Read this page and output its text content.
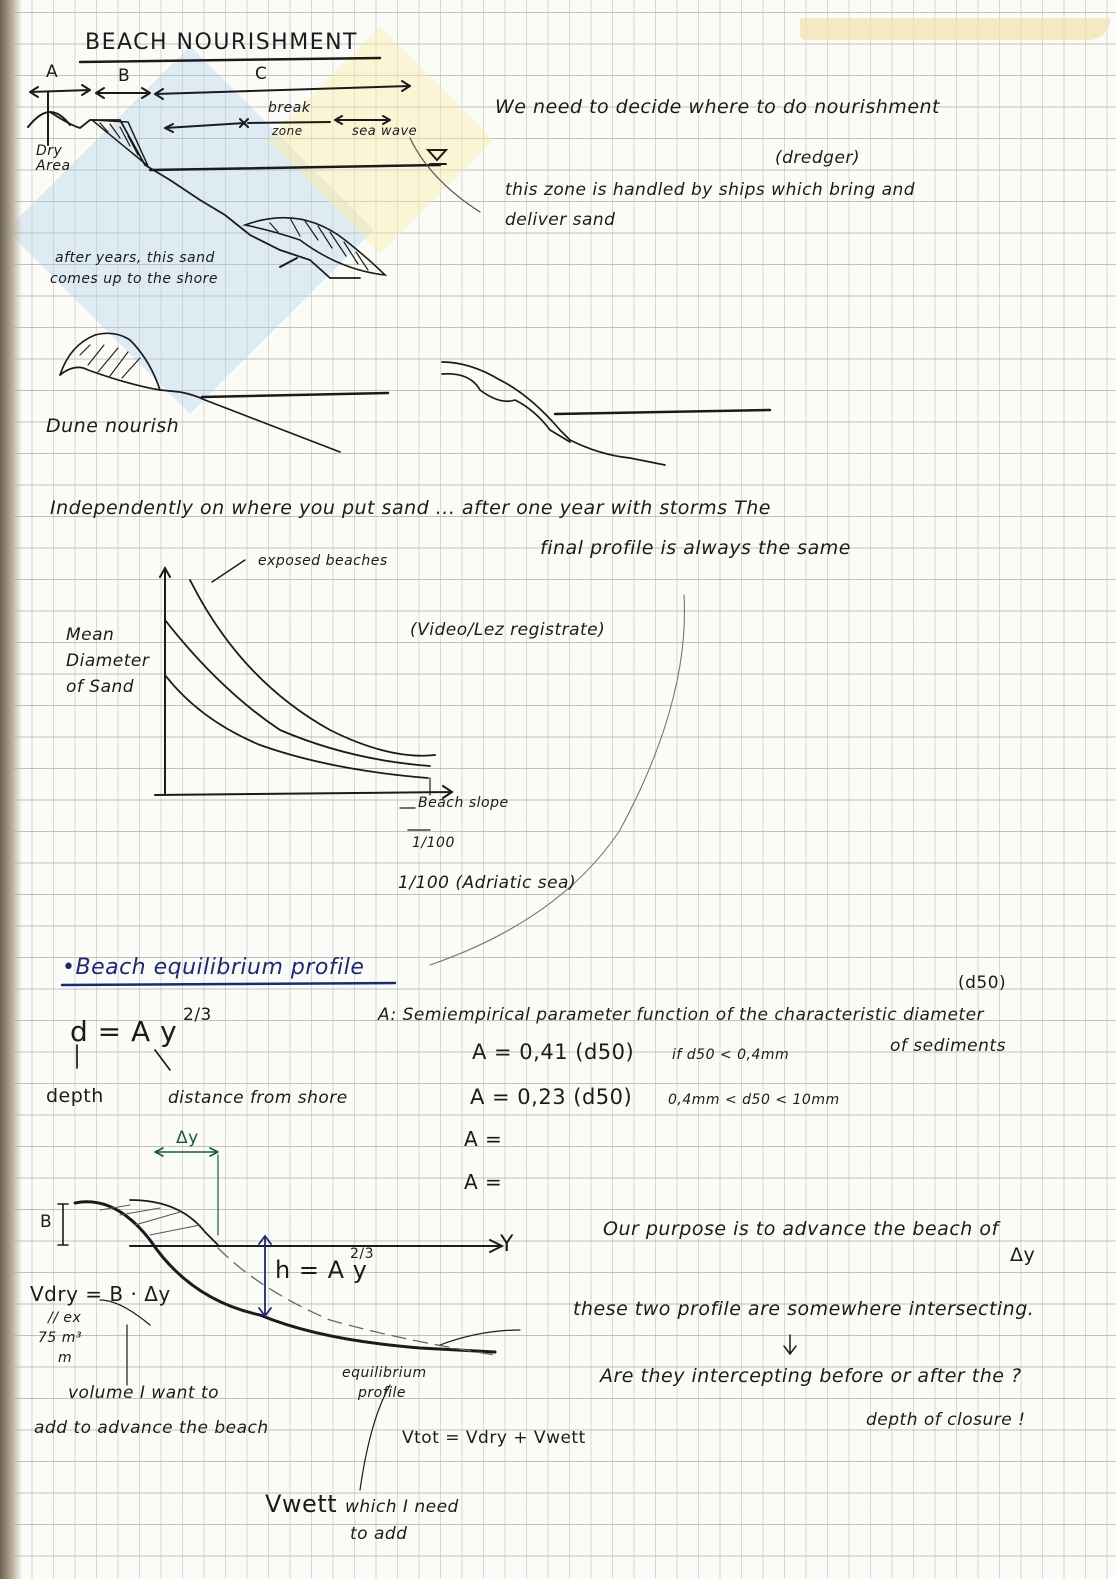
BEACH NOURISHMENT
A	B	C
break
zone	sea wave
Dry
Area
after years, this sand
comes up to the shore
We need to decide where to do nourishment
(dredger)
this zone is handled by ships which bring and
deliver sand
Dune nourish
Independently on where you put sand ... after one year with storms The
final profile is always the same
exposed beaches
Mean Diameter of Sand
(Video/Lez registrate)
Beach slope
1/100
1/100 (Adriatic sea)
•Beach equilibrium profile
d = A y 2/3
depth	distance from shore
(d50)
A: Semiempirical parameter function of the characteristic diameter
of sediments
A = 0,41 (d50)	if d50 < 0,4mm
A = 0,23 (d50)	0,4mm < d50 < 10mm
A =
A =
Δy
B
Y
h = A y
2/3
Vdry = B · Δy
// ex
75 m³
m
volume I want to
add to advance the beach
equilibrium
profile
Vtot = Vdry + Vwett
Vwett which I need
to add
Our purpose is to advance the beach of
Δy
these two profile are somewhere intersecting.
Are they intercepting before or after the ?
depth of closure !
